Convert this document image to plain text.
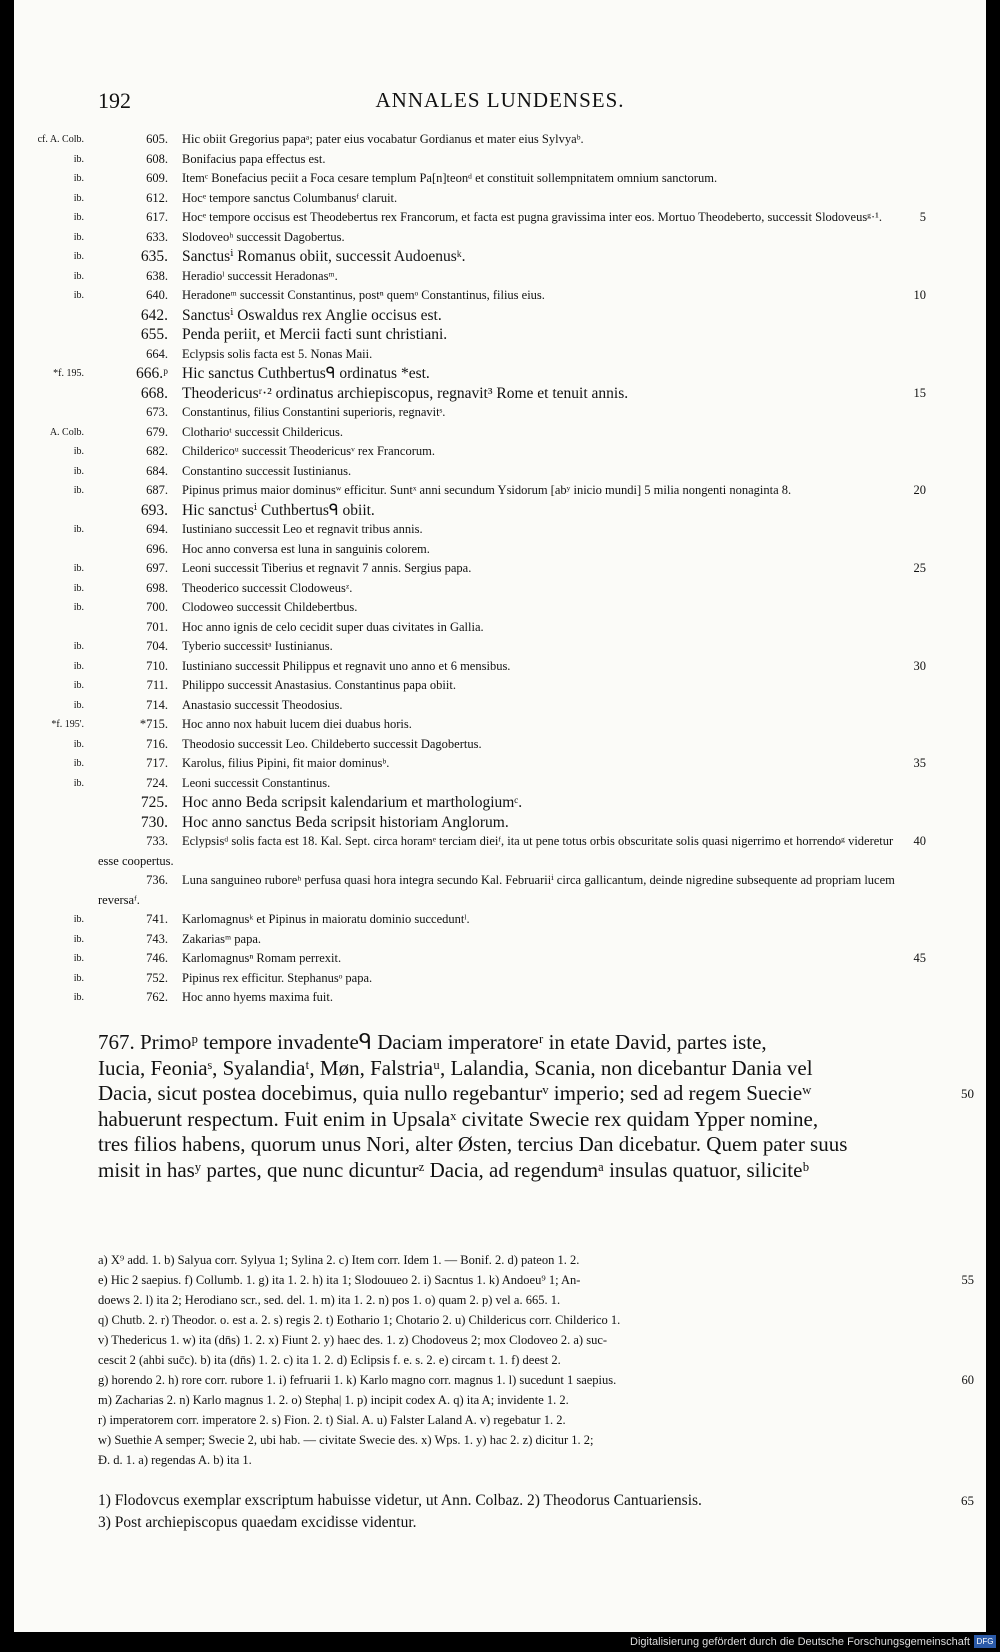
192	ANNALES LUNDENSES.
cf. A. Colb.	605.	Hic obiit Gregorius papaᵃ; pater eius vocabatur Gordianus et mater eius Sylvyaᵇ.
ib.	608.	Bonifacius papa effectus est.
ib.	609.	Itemᶜ Bonefacius peciit a Foca cesare templum Pa[n]teonᵈ et constituit sollempnitatem omnium sanctorum.
ib.	612.	Hocᵉ tempore sanctus Columbanusᶠ claruit.
ib.	617.	Hocᵉ tempore occisus est Theodebertus rex Francorum, et facta est pugna gravissima inter eos. Mortuo Theodeberto, successit Slodoveusᵍ·¹.	5
ib.	633.	Slodoveoʰ successit Dagobertus.
ib.	635. Sanctusⁱ Romanus obiit, successit Audoenusᵏ.
ib.	638.	Heradioˡ successit Heradonasᵐ.
ib.	640.	Heradoneᵐ successit Constantinus, postⁿ quemᵒ Constantinus, filius eius.	10
642. Sanctusⁱ Oswaldus rex Anglie occisus est.
655. Penda periit, et Mercii facti sunt christiani.
664.	Eclypsis solis facta est 5. Nonas Maii.
*f. 195.	666.ᵖ Hic sanctus Cuthbertusᑫ ordinatus *est.
668. Theodericusʳ·² ordinatus archiepiscopus, regnavit³ Rome et tenuit annis.	15
673.	Constantinus, filius Constantini superioris, regnavitˢ.
A. Colb.	679.	Clotharioᵗ successit Childericus.
ib.	682.	Childericoᵘ successit Theodericusᵛ rex Francorum.
ib.	684.	Constantino successit Iustinianus.
ib.	687.	Pipinus primus maior dominusʷ efficitur. Suntˣ anni secundum Ysidorum [abʸ inicio mundi] 5 milia nongenti nonaginta 8.	20
693. Hic sanctusⁱ Cuthbertusᑫ obiit.
ib.	694.	Iustiniano successit Leo et regnavit tribus annis.
696.	Hoc anno conversa est luna in sanguinis colorem.
ib.	697.	Leoni successit Tiberius et regnavit 7 annis. Sergius papa.	25
ib.	698.	Theoderico successit Clodoweusᶻ.
ib.	700.	Clodoweo successit Childebertbus.
701.	Hoc anno ignis de celo cecidit super duas civitates in Gallia.
ib.	704.	Tyberio successitᵃ Iustinianus.
ib.	710.	Iustiniano successit Philippus et regnavit uno anno et 6 mensibus.	30
ib.	711.	Philippo successit Anastasius. Constantinus papa obiit.
ib.	714.	Anastasio successit Theodosius.
*f. 195'.	*715.	Hoc anno nox habuit lucem diei duabus horis.
ib.	716.	Theodosio successit Leo. Childeberto successit Dagobertus.
ib.	717.	Karolus, filius Pipini, fit maior dominusᵇ.	35
ib.	724.	Leoni successit Constantinus.
725. Hoc anno Beda scripsit kalendarium et marthologiumᶜ.
730. Hoc anno sanctus Beda scripsit historiam Anglorum.
733.	Eclypsisᵈ solis facta est 18. Kal. Sept. circa horamᵉ terciam dieiᶠ, ita ut pene totus orbis obscuritate solis quasi nigerrimo et horrendoᵍ videretur esse coopertus.
40
736.	Luna sanguineo ruboreʰ perfusa quasi hora integra secundo Kal. Februariiⁱ circa gallicantum, deinde nigredine subsequente ad propriam lucem reversaᶠ.
ib.	741.	Karlomagnusᵏ et Pipinus in maioratu dominio succeduntˡ.
ib.	743.	Zakariasᵐ papa.
ib.	746.	Karlomagnusⁿ Romam perrexit.	45
ib.	752.	Pipinus rex efficitur. Stephanusᵒ papa.
ib.	762.	Hoc anno hyems maxima fuit.
767. Primoᵖ tempore invadenteᑫ Daciam imperatoreʳ in etate David, partes iste,
Iucia, Feoniaˢ, Syalandiaᵗ, Møn, Falstriaᵘ, Lalandia, Scania, non dicebantur Dania vel
Dacia, sicut postea docebimus, quia nullo regebanturᵛ imperio; sed ad regem Suecieʷ	50
habuerunt respectum. Fuit enim in Upsalaˣ civitate Swecie rex quidam Ypper nomine,
tres filios habens, quorum unus Nori, alter Østen, tercius Dan dicebatur. Quem pater suus
misit in hasʸ partes, que nunc dicunturᶻ Dacia, ad regendumᵃ insulas quatuor, siliciteᵇ
a) X⁹ add. 1. b) Salyua corr. Sylyua 1; Sylina 2. c) Item corr. Idem 1. — Bonif. 2. d) pateon 1. 2.
e) Hic 2 saepius. f) Collumb. 1. g) ita 1. 2. h) ita 1; Slodouueo 2. i) Sacntus 1. k) Andoeu⁹ 1; An-	55
doews 2. l) ita 2; Herodiano scr., sed. del. 1. m) ita 1. 2. n) pos 1. o) quam 2. p) vel a. 665. 1.
q) Chutb. 2. r) Theodor. o. est a. 2. s) regis 2. t) Eothario 1; Chotario 2. u) Childericus corr. Childerico 1.
v) Thedericus 1. w) ita (dn̄s) 1. 2. x) Fiunt 2. y) haec des. 1. z) Chodoveus 2; mox Clodoveo 2. a) suc-
cescit 2 (ahbi suc̄c). b) ita (dn̄s) 1. 2. c) ita 1. 2. d) Eclipsis f. e. s. 2. e) circam t. 1. f) deest 2.
g) horendo 2. h) rore corr. rubore 1. i) fefruarii 1. k) Karlo magno corr. magnus 1. l) sucedunt 1 saepius.	60
m) Zacharias 2. n) Karlo magnus 1. 2. o) Stepha| 1. p) incipit codex A. q) ita A; invidente 1. 2.
r) imperatorem corr. imperatore 2. s) Fion. 2. t) Sial. A. u) Falster Laland A. v) regebatur 1. 2.
w) Suethie A semper; Swecie 2, ubi hab. — civitate Swecie des. x) Wps. 1. y) hac 2. z) dicitur 1. 2;
Ð. d. 1. a) regendas A. b) ita 1.
1) Flodovcus exemplar exscriptum habuisse videtur, ut Ann. Colbaz. 2) Theodorus Cantuariensis.	65
3) Post archiepiscopus quaedam excidisse videntur.
Digitalisierung gefördert durch die Deutsche Forschungsgemeinschaft DFG
